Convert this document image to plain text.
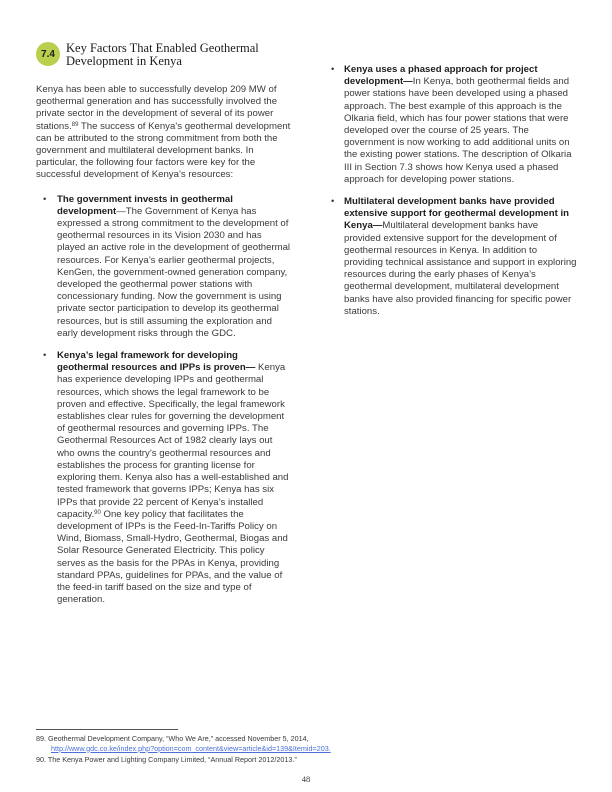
7.4 Key Factors That Enabled Geothermal Development in Kenya

Kenya has been able to successfully develop 209 MW of geothermal generation and has successfully involved the private sector in the development of several of its power stations.$^{89}$ The success of Kenya’s geothermal development can be attributed to the strong commitment from both the government and multilateral development banks. In particular, the following four factors were key for the successful development of Kenya’s resources:

• The government invests in geothermal development—The Government of Kenya has expressed a strong commitment to the development of geothermal resources in its Vision 2030 and has played an active role in the development of geothermal resources. For Kenya’s earlier geothermal projects, KenGen, the government-owned generation company, developed the geothermal power stations with concessionary funding. Now the government is using private sector participation to develop its geothermal resources, but is still assuming the exploration and early development risks through the GDC.
• Kenya’s legal framework for developing geothermal resources and IPPs is proven— Kenya has experience developing IPPs and geothermal resources, which shows the legal framework to be proven and effective. Specifically, the legal framework establishes clear rules for governing the development of geothermal resources and governing IPPs. The Geothermal Resources Act of 1982 clearly lays out who owns the country’s geothermal resources and establishes the process for granting license for exploring them. Kenya also has a well-established and tested framework that governs IPPs; Kenya has six IPPs that provide 22 percent of Kenya’s installed capacity.$^{90}$ One key policy that facilitates the development of IPPs is the Feed-In-Tariffs Policy on Wind, Biomass, Small-Hydro, Geothermal, Biogas and Solar Resource Generated Electricity. This policy serves as the basis for the PPAs in Kenya, providing standard PPAs, guidelines for PPAs, and the value of the feed-in tariff based on the size and type of generation.
• Kenya uses a phased approach for project development—In Kenya, both geothermal fields and power stations have been developed using a phased approach. The best example of this approach is the Olkaria field, which has four power stations that were developed over the course of 25 years. The government is now working to add additional units on the existing power stations. The description of Olkaria III in Section 7.3 shows how Kenya used a phased approach for developing power stations.
• Multilateral development banks have provided extensive support for geothermal development in Kenya—Multilateral development banks have provided extensive support for the development of geothermal resources in Kenya. In addition to providing technical assistance and support in exploring resources during the early phases of Kenya’s geothermal development, multilateral development banks have also provided financing for specific power stations.

89. Geothermal Development Company, “Who We Are,” accessed November 5, 2014,
http://www.gdc.co.ke/index.php?option=com_content&view=article&id=139&Itemid=203.

90. The Kenya Power and Lighting Company Limited, “Annual Report 2012/2013.”

48
